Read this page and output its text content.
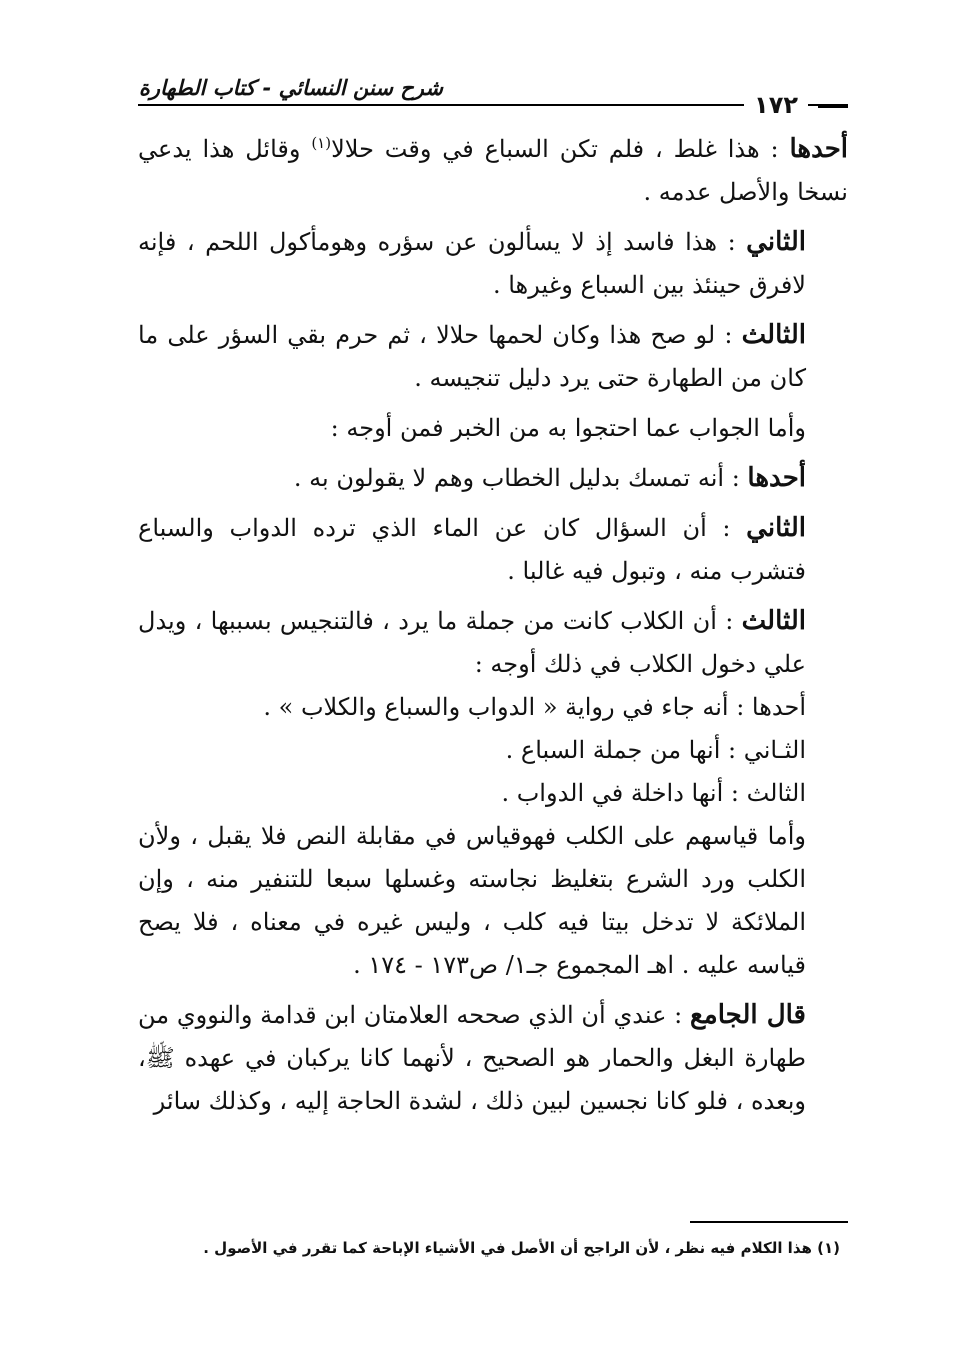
شرح سنن النسائي - كتاب الطهارة
١٧٢

أحدها : هذا غلط ، فلم تكن السباع في وقت حلالا$^{(١)}$ وقائل هذا يدعي نسخا والأصل عدمه .

الثاني : هذا فاسد إذ لا يسألون عن سؤره وهومأكول اللحم ، فإنه لافرق حينئذ بين السباع وغيرها .

الثالث : لو صح هذا وكان لحمها حلالا ، ثم حرم بقي السؤر على ما كان من الطهارة حتى يرد دليل تنجيسه .

وأما الجواب عما احتجوا به من الخبر فمن أوجه :

أحدها : أنه تمسك بدليل الخطاب وهم لا يقولون به .

الثاني : أن السؤال كان عن الماء الذي ترده الدواب والسباع فتشرب منه ، وتبول فيه غالبا .

الثالث : أن الكلاب كانت من جملة ما يرد ، فالتنجيس بسببها ، ويدل علي دخول الكلاب في ذلك أوجه :

أحدها : أنه جاء في رواية « الدواب والسباع والكلاب » .

الثـاني : أنها من جملة السباع .

الثالث : أنها داخلة في الدواب .

وأما قياسهم على الكلب فهوقياس في مقابلة النص فلا يقبل ، ولأن الكلب ورد الشرع بتغليظ نجاسته وغسلها سبعا للتنفير منه ، وإن الملائكة لا تدخل بيتا فيه كلب ، وليس غيره في معناه ، فلا يصح قياسه عليه . اهـ المجموع جـ١/ ص١٧٣ - ١٧٤ .

قال الجامع : عندي أن الذي صححه العلامتان ابن قدامة والنووي من طهارة البغل والحمار هو الصحيح ، لأنهما كانا يركبان في عهده ﷺ، وبعده ، فلو كانا نجسين لبين ذلك ، لشدة الحاجة إليه ، وكذلك سائر

(١) هذا الكلام فيه نظر ، لأن الراجح أن الأصل في الأشياء الإباحة كما تقرر في الأصول .
